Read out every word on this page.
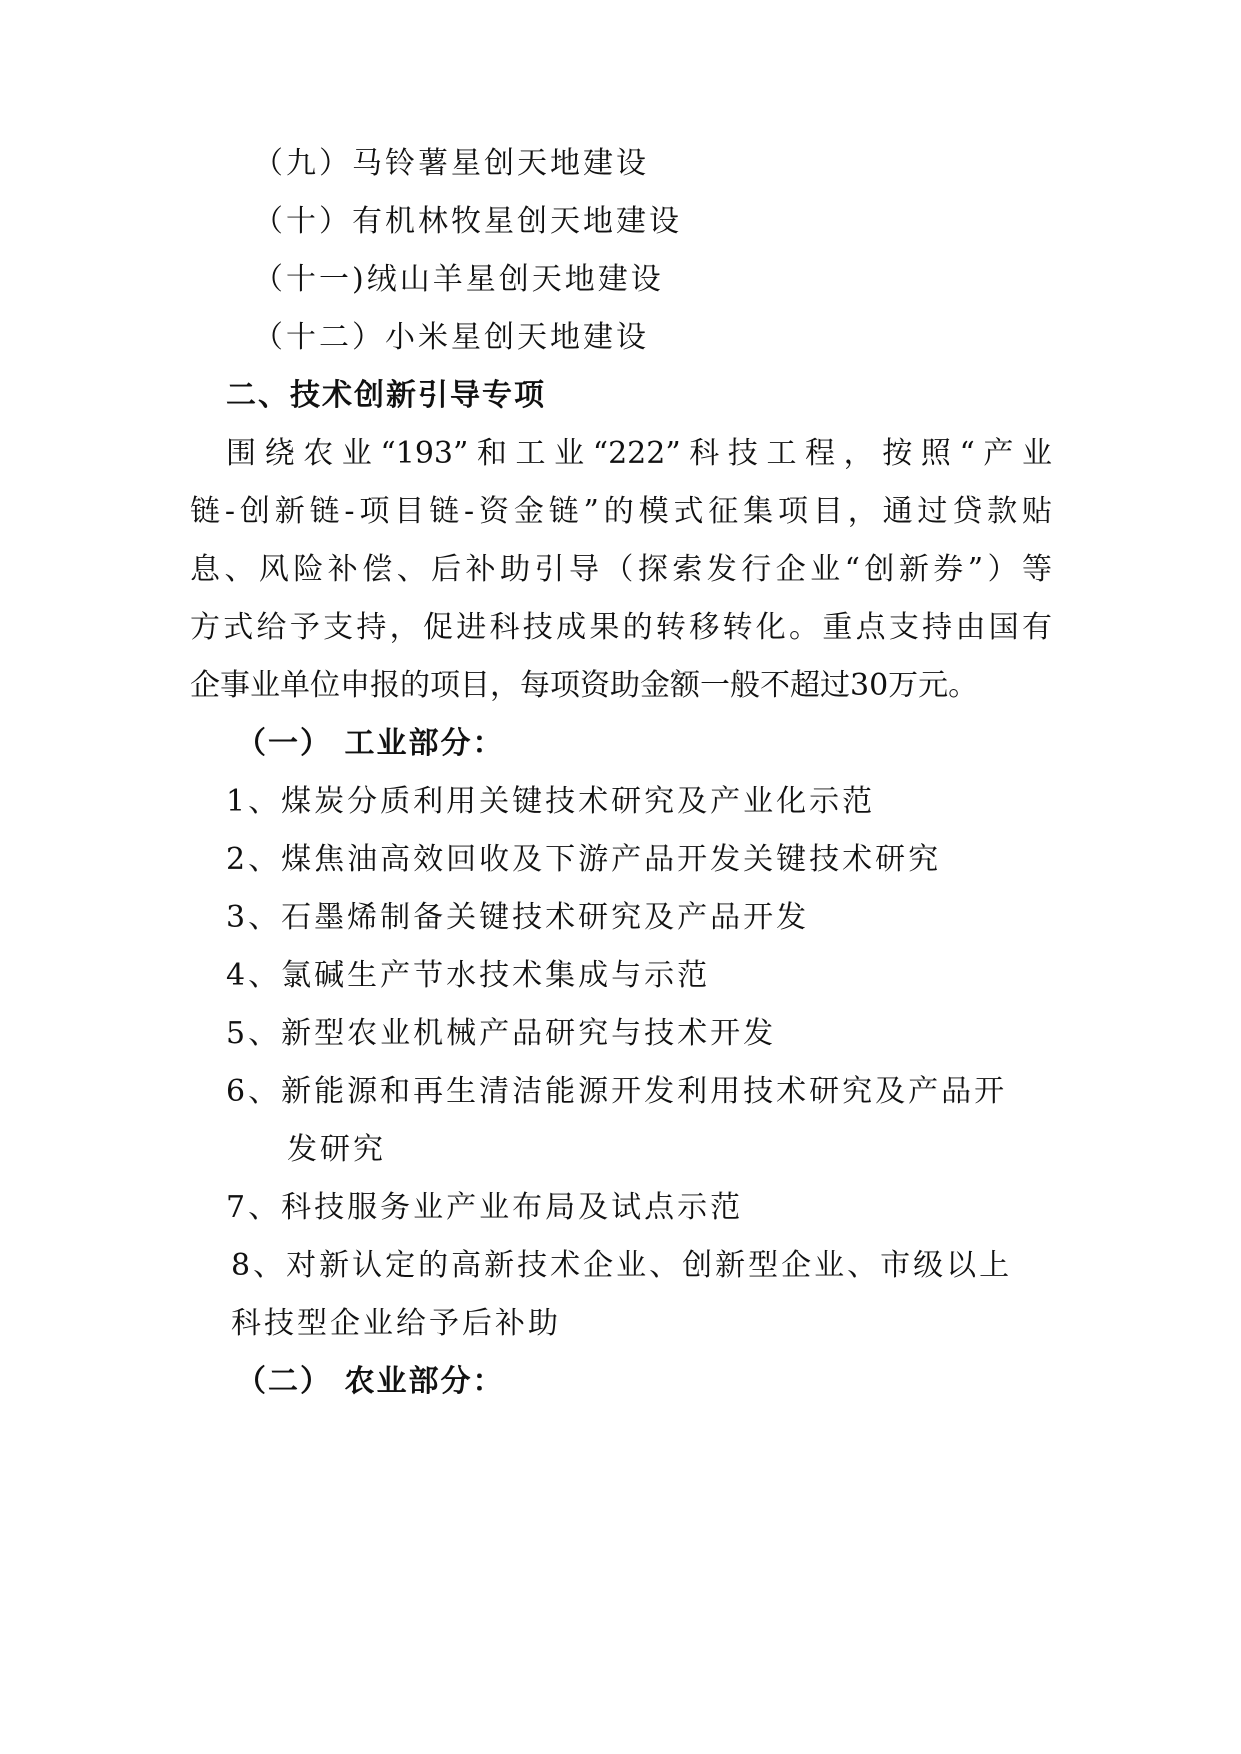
（九）马铃薯星创天地建设
（十）有机林牧星创天地建设
（十一)绒山羊星创天地建设
（十二）小米星创天地建设
二、技术创新引导专项
围绕农业“193”和工业“222”科技工程，按照“产业
链-创新链-项目链-资金链”的模式征集项目，通过贷款贴
息、风险补偿、后补助引导（探索发行企业“创新券”）等
方式给予支持，促进科技成果的转移转化。重点支持由国有
企事业单位申报的项目，每项资助金额一般不超过30万元。
（一） 工业部分：
1、煤炭分质利用关键技术研究及产业化示范
2、煤焦油高效回收及下游产品开发关键技术研究
3、石墨烯制备关键技术研究及产品开发
4、氯碱生产节水技术集成与示范
5、新型农业机械产品研究与技术开发
6、新能源和再生清洁能源开发利用技术研究及产品开
发研究
7、科技服务业产业布局及试点示范
8、对新认定的高新技术企业、创新型企业、市级以上
科技型企业给予后补助
（二） 农业部分：
